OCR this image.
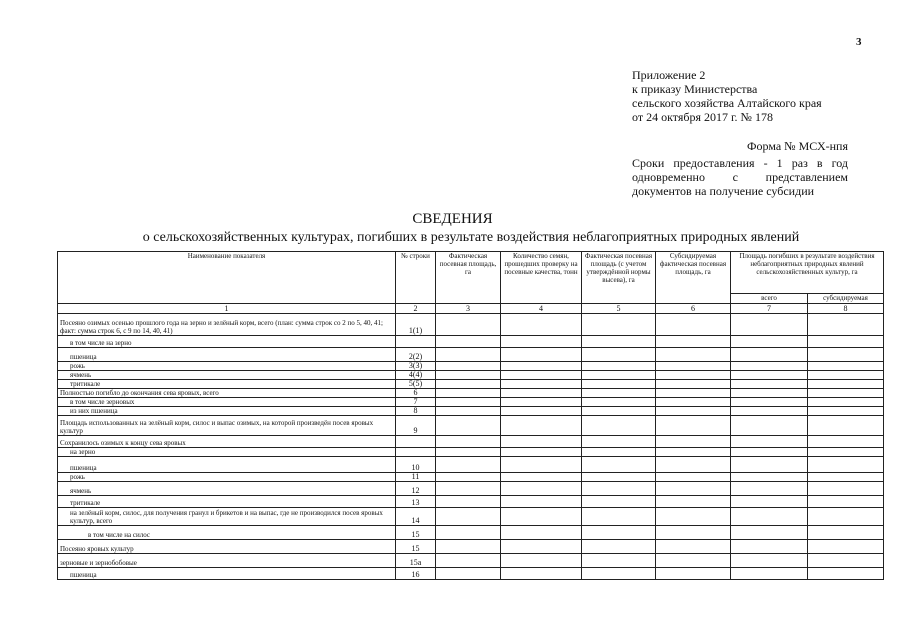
3
Приложение 2
к приказу Министерства
сельского хозяйства Алтайского края
от 24 октября 2017 г. № 178
Форма № МСХ-нпя
Сроки предоставления - 1 раз в год одновременно с представлением документов на получение субсидии
СВЕДЕНИЯ
о сельскохозяйственных культурах, погибших в результате воздействия неблагоприятных природных явлений
Наименование показателя	№ строки	Фактическая посевная площадь, га	Количество семян, прошедших проверку на посевные качества, тонн	Фактическая посевная площадь (с учетом утверждённой нормы высева), га	Субсидируемая фактическая посевная площадь, га	Площадь погибших в результате воздействия неблагоприятных природных явлений сельскохозяйственных культур, га	
						всего	субсидируемая
1	2	3	4	5	6	7	8
Посеяно озимых осенью прошлого года на зерно и зелёный корм, всего (план: сумма строк со 2 по 5, 40, 41; факт: сумма строк 6, с 9 по 14, 40, 41)	1(1)						
в том числе на зерно							
пшеница	2(2)						
рожь	3(3)						
ячмень	4(4)						
тритикале	5(5)						
Полностью погибло до окончания сева яровых, всего	6						
в том числе зерновых	7						
из них пшеница	8						
Площадь использованных на зелёный корм, силос и выпас озимых, на которой произведён посев яровых культур	9						
Сохранилось озимых к концу сева яровых							
на зерно							
пшеница	10						
рожь	11						
ячмень	12						
тритикале	13						
на зелёный корм, силос, для получения гранул и брикетов и на выпас, где не производился посев яровых культур, всего	14						
в том числе на силос	15						
Посеяно яровых культур	15						
зерновые и зернобобовые	15а						
пшеница	16						
